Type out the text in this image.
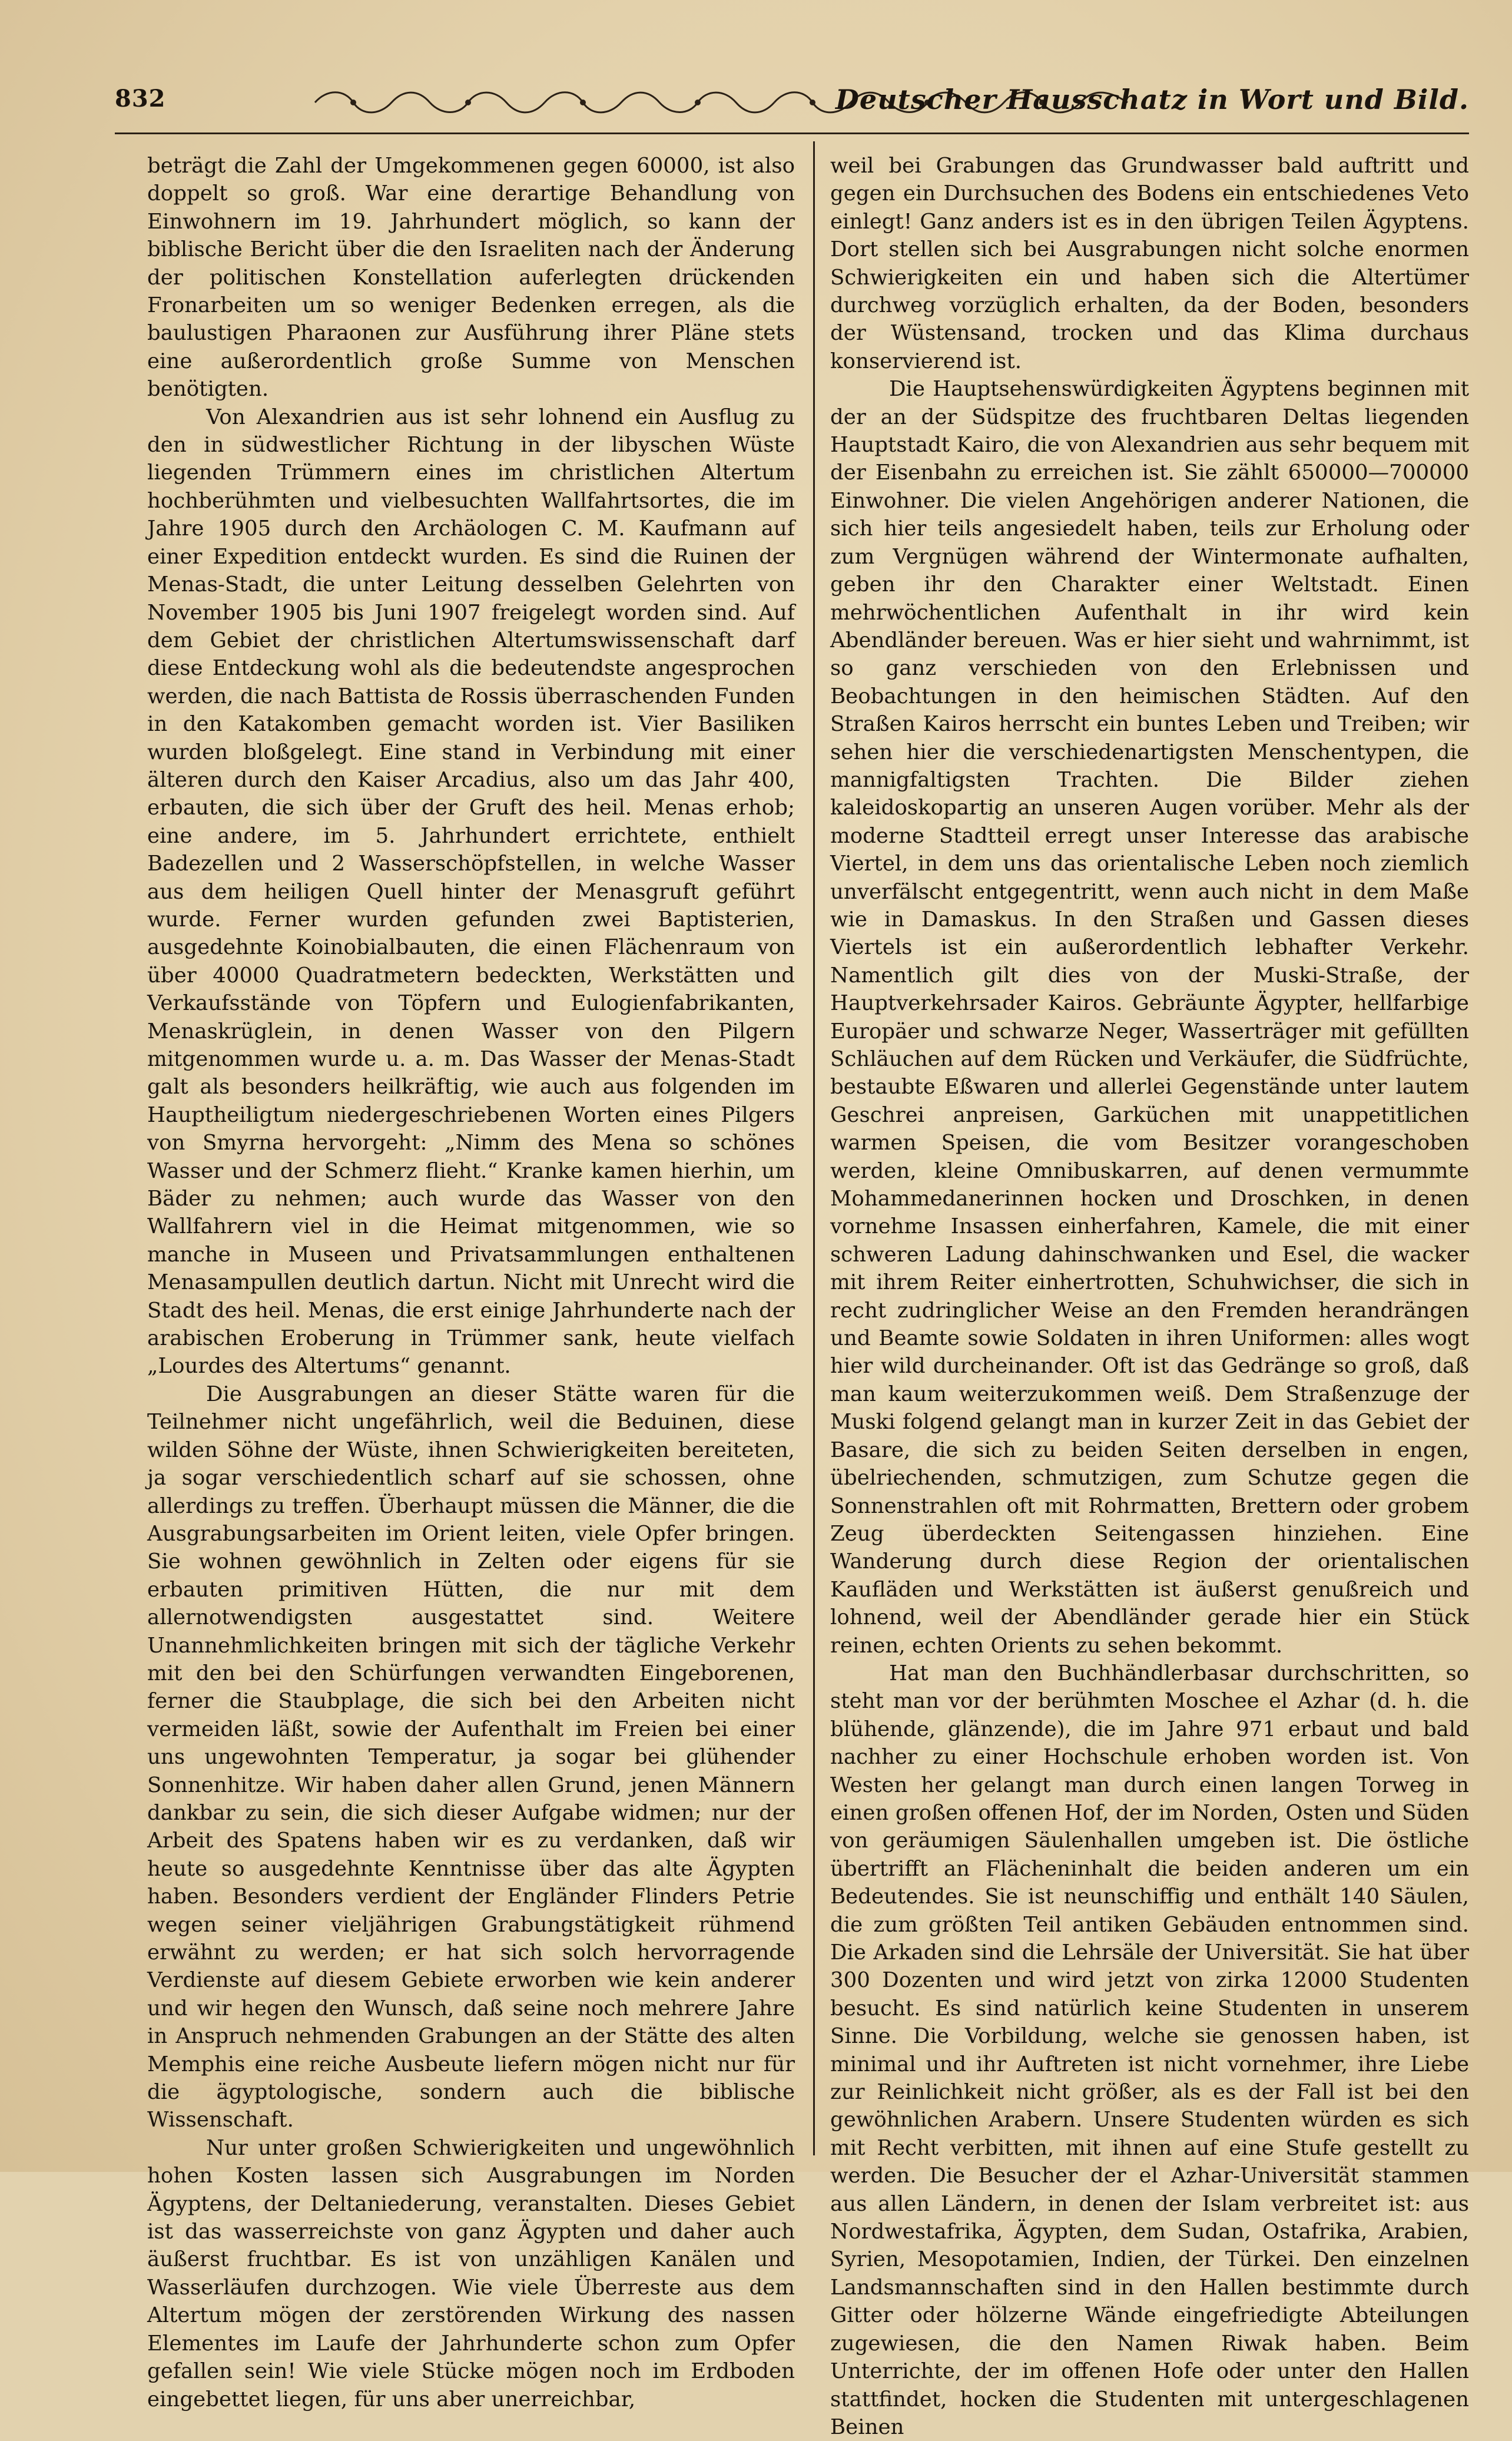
832	Deutscher Hausschatz in Wort und Bild.

beträgt die Zahl der Umgekommenen gegen 60000, ist also doppelt so groß. War eine derartige Behandlung von Einwohnern im 19. Jahrhundert möglich, so kann der biblische Bericht über die den Israeliten nach der Änderung der politischen Konstellation auferlegten drückenden Fronarbeiten um so weniger Bedenken erregen, als die baulustigen Pharaonen zur Ausführung ihrer Pläne stets eine außerordentlich große Summe von Menschen benötigten.

Von Alexandrien aus ist sehr lohnend ein Ausflug zu den in südwestlicher Richtung in der libyschen Wüste liegenden Trümmern eines im christlichen Altertum hochberühmten und vielbesuchten Wallfahrtsortes, die im Jahre 1905 durch den Archäologen C. M. Kaufmann auf einer Expedition entdeckt wurden. Es sind die Ruinen der Menas-Stadt, die unter Leitung desselben Gelehrten von November 1905 bis Juni 1907 freigelegt worden sind. Auf dem Gebiet der christlichen Altertumswissenschaft darf diese Entdeckung wohl als die bedeutendste angesprochen werden, die nach Battista de Rossis überraschenden Funden in den Katakomben gemacht worden ist. Vier Basiliken wurden bloßgelegt. Eine stand in Verbindung mit einer älteren durch den Kaiser Arcadius, also um das Jahr 400, erbauten, die sich über der Gruft des heil. Menas erhob; eine andere, im 5. Jahrhundert errichtete, enthielt Badezellen und 2 Wasserschöpfstellen, in welche Wasser aus dem heiligen Quell hinter der Menasgruft geführt wurde. Ferner wurden gefunden zwei Baptisterien, ausgedehnte Koinobialbauten, die einen Flächenraum von über 40000 Quadratmetern bedeckten, Werkstätten und Verkaufsstände von Töpfern und Eulogienfabrikanten, Menaskrüglein, in denen Wasser von den Pilgern mitgenommen wurde u. a. m. Das Wasser der Menas-Stadt galt als besonders heilkräftig, wie auch aus folgenden im Hauptheiligtum niedergeschriebenen Worten eines Pilgers von Smyrna hervorgeht: „Nimm des Mena so schönes Wasser und der Schmerz flieht.“ Kranke kamen hierhin, um Bäder zu nehmen; auch wurde das Wasser von den Wallfahrern viel in die Heimat mitgenommen, wie so manche in Museen und Privatsammlungen enthaltenen Menasampullen deutlich dartun. Nicht mit Unrecht wird die Stadt des heil. Menas, die erst einige Jahrhunderte nach der arabischen Eroberung in Trümmer sank, heute vielfach „Lourdes des Altertums“ genannt.

Die Ausgrabungen an dieser Stätte waren für die Teilnehmer nicht ungefährlich, weil die Beduinen, diese wilden Söhne der Wüste, ihnen Schwierigkeiten bereiteten, ja sogar verschiedentlich scharf auf sie schossen, ohne allerdings zu treffen. Überhaupt müssen die Männer, die die Ausgrabungsarbeiten im Orient leiten, viele Opfer bringen. Sie wohnen gewöhnlich in Zelten oder eigens für sie erbauten primitiven Hütten, die nur mit dem allernotwendigsten ausgestattet sind. Weitere Unannehmlichkeiten bringen mit sich der tägliche Verkehr mit den bei den Schürfungen verwandten Eingeborenen, ferner die Staubplage, die sich bei den Arbeiten nicht vermeiden läßt, sowie der Aufenthalt im Freien bei einer uns ungewohnten Temperatur, ja sogar bei glühender Sonnenhitze. Wir haben daher allen Grund, jenen Männern dankbar zu sein, die sich dieser Aufgabe widmen; nur der Arbeit des Spatens haben wir es zu verdanken, daß wir heute so ausgedehnte Kenntnisse über das alte Ägypten haben. Besonders verdient der Engländer Flinders Petrie wegen seiner vieljährigen Grabungstätigkeit rühmend erwähnt zu werden; er hat sich solch hervorragende Verdienste auf diesem Gebiete erworben wie kein anderer und wir hegen den Wunsch, daß seine noch mehrere Jahre in Anspruch nehmenden Grabungen an der Stätte des alten Memphis eine reiche Ausbeute liefern mögen nicht nur für die ägyptologische, sondern auch die biblische Wissenschaft.

Nur unter großen Schwierigkeiten und ungewöhnlich hohen Kosten lassen sich Ausgrabungen im Norden Ägyptens, der Deltaniederung, veranstalten. Dieses Gebiet ist das wasserreichste von ganz Ägypten und daher auch äußerst fruchtbar. Es ist von unzähligen Kanälen und Wasserläufen durchzogen. Wie viele Überreste aus dem Altertum mögen der zerstörenden Wirkung des nassen Elementes im Laufe der Jahrhunderte schon zum Opfer gefallen sein! Wie viele Stücke mögen noch im Erdboden eingebettet liegen, für uns aber unerreichbar,

weil bei Grabungen das Grundwasser bald auftritt und gegen ein Durchsuchen des Bodens ein entschiedenes Veto einlegt! Ganz anders ist es in den übrigen Teilen Ägyptens. Dort stellen sich bei Ausgrabungen nicht solche enormen Schwierigkeiten ein und haben sich die Altertümer durchweg vorzüglich erhalten, da der Boden, besonders der Wüstensand, trocken und das Klima durchaus konservierend ist.

Die Hauptsehenswürdigkeiten Ägyptens beginnen mit der an der Südspitze des fruchtbaren Deltas liegenden Hauptstadt Kairo, die von Alexandrien aus sehr bequem mit der Eisenbahn zu erreichen ist. Sie zählt 650000—700000 Einwohner. Die vielen Angehörigen anderer Nationen, die sich hier teils angesiedelt haben, teils zur Erholung oder zum Vergnügen während der Wintermonate aufhalten, geben ihr den Charakter einer Weltstadt. Einen mehrwöchentlichen Aufenthalt in ihr wird kein Abendländer bereuen. Was er hier sieht und wahrnimmt, ist so ganz verschieden von den Erlebnissen und Beobachtungen in den heimischen Städten. Auf den Straßen Kairos herrscht ein buntes Leben und Treiben; wir sehen hier die verschiedenartigsten Menschentypen, die mannigfaltigsten Trachten. Die Bilder ziehen kaleidoskopartig an unseren Augen vorüber. Mehr als der moderne Stadtteil erregt unser Interesse das arabische Viertel, in dem uns das orientalische Leben noch ziemlich unverfälscht entgegentritt, wenn auch nicht in dem Maße wie in Damaskus. In den Straßen und Gassen dieses Viertels ist ein außerordentlich lebhafter Verkehr. Namentlich gilt dies von der Muski-Straße, der Hauptverkehrsader Kairos. Gebräunte Ägypter, hellfarbige Europäer und schwarze Neger, Wasserträger mit gefüllten Schläuchen auf dem Rücken und Verkäufer, die Südfrüchte, bestaubte Eßwaren und allerlei Gegenstände unter lautem Geschrei anpreisen, Garküchen mit unappetitlichen warmen Speisen, die vom Besitzer vorangeschoben werden, kleine Omnibuskarren, auf denen vermummte Mohammedanerinnen hocken und Droschken, in denen vornehme Insassen einherfahren, Kamele, die mit einer schweren Ladung dahinschwanken und Esel, die wacker mit ihrem Reiter einhertrotten, Schuhwichser, die sich in recht zudringlicher Weise an den Fremden herandrängen und Beamte sowie Soldaten in ihren Uniformen: alles wogt hier wild durcheinander. Oft ist das Gedränge so groß, daß man kaum weiterzukommen weiß. Dem Straßenzuge der Muski folgend gelangt man in kurzer Zeit in das Gebiet der Basare, die sich zu beiden Seiten derselben in engen, übelriechenden, schmutzigen, zum Schutze gegen die Sonnenstrahlen oft mit Rohrmatten, Brettern oder grobem Zeug überdeckten Seitengassen hinziehen. Eine Wanderung durch diese Region der orientalischen Kaufläden und Werkstätten ist äußerst genußreich und lohnend, weil der Abendländer gerade hier ein Stück reinen, echten Orients zu sehen bekommt.

Hat man den Buchhändlerbasar durchschritten, so steht man vor der berühmten Moschee el Azhar (d. h. die blühende, glänzende), die im Jahre 971 erbaut und bald nachher zu einer Hochschule erhoben worden ist. Von Westen her gelangt man durch einen langen Torweg in einen großen offenen Hof, der im Norden, Osten und Süden von geräumigen Säulenhallen umgeben ist. Die östliche übertrifft an Flächeninhalt die beiden anderen um ein Bedeutendes. Sie ist neunschiffig und enthält 140 Säulen, die zum größten Teil antiken Gebäuden entnommen sind. Die Arkaden sind die Lehrsäle der Universität. Sie hat über 300 Dozenten und wird jetzt von zirka 12000 Studenten besucht. Es sind natürlich keine Studenten in unserem Sinne. Die Vorbildung, welche sie genossen haben, ist minimal und ihr Auftreten ist nicht vornehmer, ihre Liebe zur Reinlichkeit nicht größer, als es der Fall ist bei den gewöhnlichen Arabern. Unsere Studenten würden es sich mit Recht verbitten, mit ihnen auf eine Stufe gestellt zu werden. Die Besucher der el Azhar-Universität stammen aus allen Ländern, in denen der Islam verbreitet ist: aus Nordwestafrika, Ägypten, dem Sudan, Ostafrika, Arabien, Syrien, Mesopotamien, Indien, der Türkei. Den einzelnen Landsmannschaften sind in den Hallen bestimmte durch Gitter oder hölzerne Wände eingefriedigte Abteilungen zugewiesen, die den Namen Riwak haben. Beim Unterrichte, der im offenen Hofe oder unter den Hallen stattfindet, hocken die Studenten mit untergeschlagenen Beinen
